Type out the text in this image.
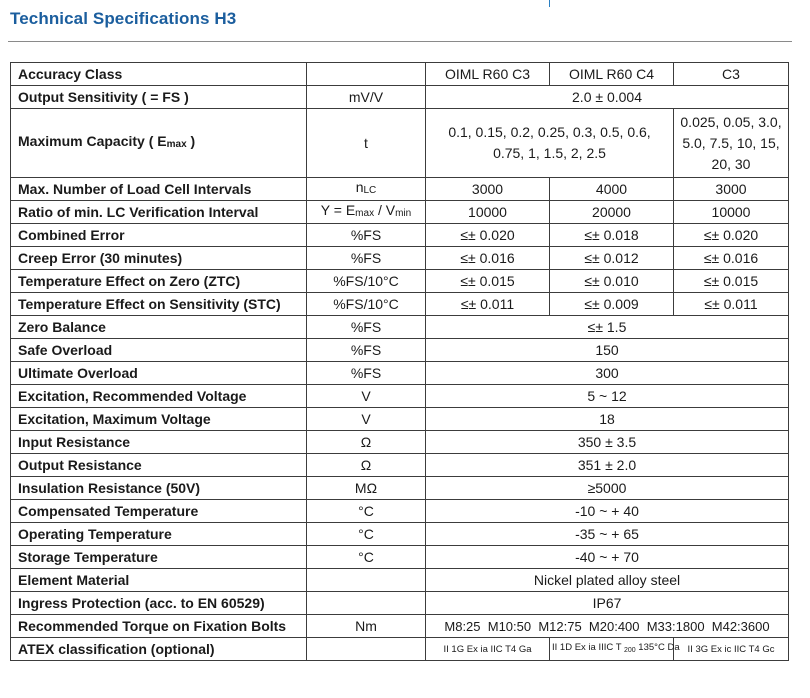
Technical Specifications H3
Accuracy Class		OIML R60 C3	OIML R60 C4	C3
Output Sensitivity ( = FS )	mV/V	2.0 ± 0.004		
Maximum Capacity ( Emax )	t	0.1, 0.15, 0.2, 0.25, 0.3, 0.5, 0.6, 0.75, 1, 1.5, 2, 2.5		0.025, 0.05, 3.0, 5.0, 7.5, 10, 15, 20, 30
Max. Number of Load Cell Intervals	nLC	3000	4000	3000
Ratio of min. LC Verification Interval	Y = Emax / Vmin	10000	20000	10000
Combined Error	%FS	≤± 0.020	≤± 0.018	≤± 0.020
Creep Error (30 minutes)	%FS	≤± 0.016	≤± 0.012	≤± 0.016
Temperature Effect on Zero (ZTC)	%FS/10°C	≤± 0.015	≤± 0.010	≤± 0.015
Temperature Effect on Sensitivity (STC)	%FS/10°C	≤± 0.011	≤± 0.009	≤± 0.011
Zero Balance	%FS	≤± 1.5		
Safe Overload	%FS	150		
Ultimate Overload	%FS	300		
Excitation, Recommended Voltage	V	5 ~ 12		
Excitation, Maximum Voltage	V	18		
Input Resistance	Ω	350 ± 3.5		
Output Resistance	Ω	351 ± 2.0		
Insulation Resistance (50V)	MΩ	≥5000		
Compensated Temperature	°C	-10 ~ + 40		
Operating Temperature	°C	-35 ~ + 65		
Storage Temperature	°C	-40 ~ + 70		
Element Material		Nickel plated alloy steel		
Ingress Protection (acc. to EN 60529)		IP67		
Recommended Torque on Fixation Bolts	Nm	M8:25  M10:50  M12:75  M20:400  M33:1800  M42:3600		
ATEX classification (optional)		II 1G Ex ia IIC T4 Ga	II 1D Ex ia IIIC T $_{200}$ 135°C Da	II 3G Ex ic IIC T4 Gc
